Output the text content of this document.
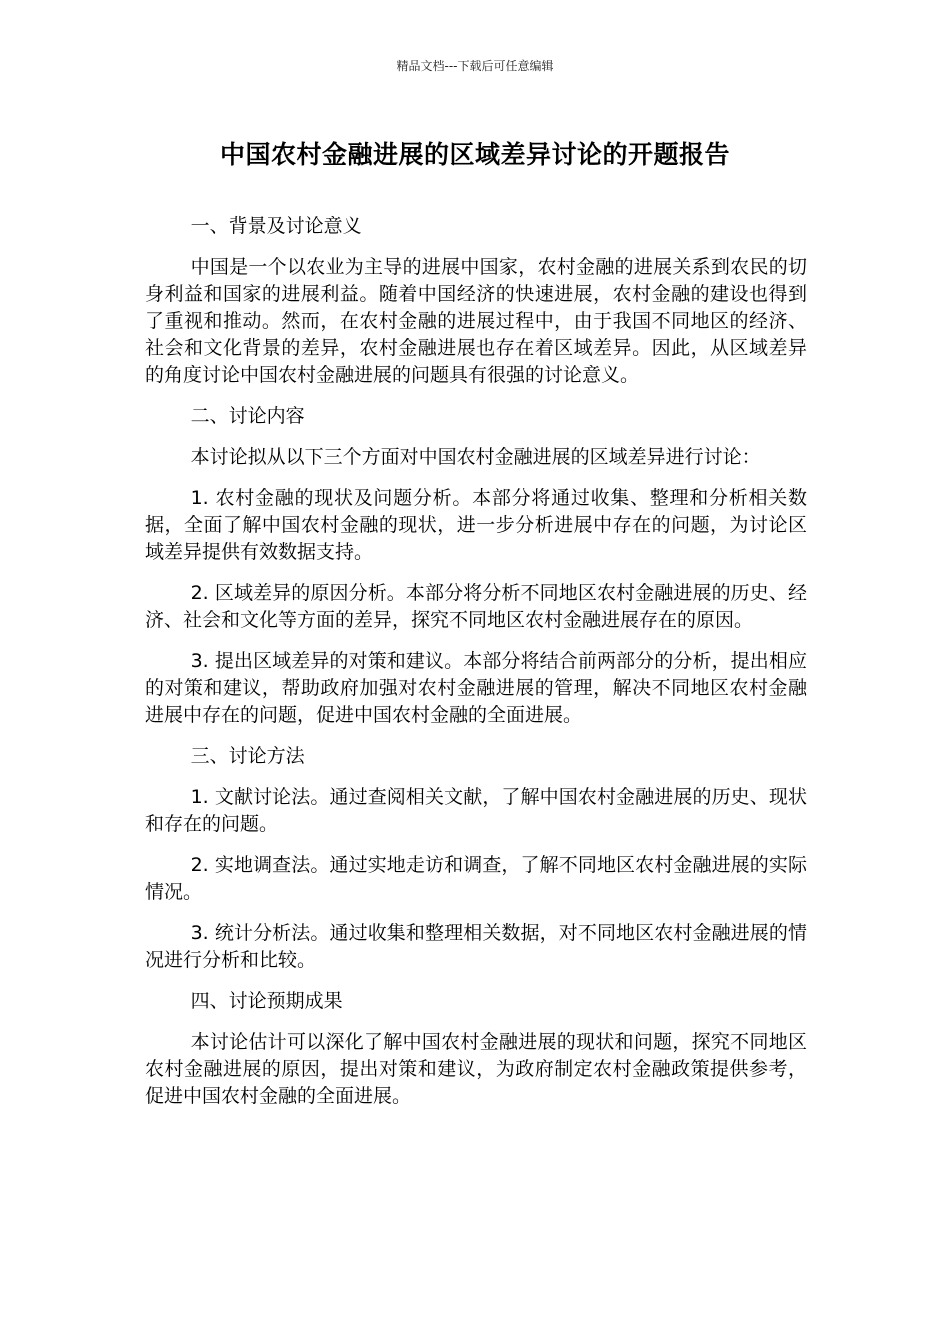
精品文档---下载后可任意编辑
中国农村金融进展的区域差异讨论的开题报告

一、背景及讨论意义

中国是一个以农业为主导的进展中国家，农村金融的进展关系到农民的切身利益和国家的进展利益。随着中国经济的快速进展，农村金融的建设也得到了重视和推动。然而，在农村金融的进展过程中，由于我国不同地区的经济、社会和文化背景的差异，农村金融进展也存在着区域差异。因此，从区域差异的角度讨论中国农村金融进展的问题具有很强的讨论意义。

二、讨论内容

本讨论拟从以下三个方面对中国农村金融进展的区域差异进行讨论：

1. 农村金融的现状及问题分析。本部分将通过收集、整理和分析相关数据，全面了解中国农村金融的现状，进一步分析进展中存在的问题，为讨论区域差异提供有效数据支持。

2. 区域差异的原因分析。本部分将分析不同地区农村金融进展的历史、经济、社会和文化等方面的差异，探究不同地区农村金融进展存在的原因。

3. 提出区域差异的对策和建议。本部分将结合前两部分的分析，提出相应的对策和建议，帮助政府加强对农村金融进展的管理，解决不同地区农村金融进展中存在的问题，促进中国农村金融的全面进展。

三、讨论方法

1. 文献讨论法。通过查阅相关文献，了解中国农村金融进展的历史、现状和存在的问题。

2. 实地调查法。通过实地走访和调查，了解不同地区农村金融进展的实际情况。

3. 统计分析法。通过收集和整理相关数据，对不同地区农村金融进展的情况进行分析和比较。

四、讨论预期成果

本讨论估计可以深化了解中国农村金融进展的现状和问题，探究不同地区农村金融进展的原因，提出对策和建议，为政府制定农村金融政策提供参考，促进中国农村金融的全面进展。
